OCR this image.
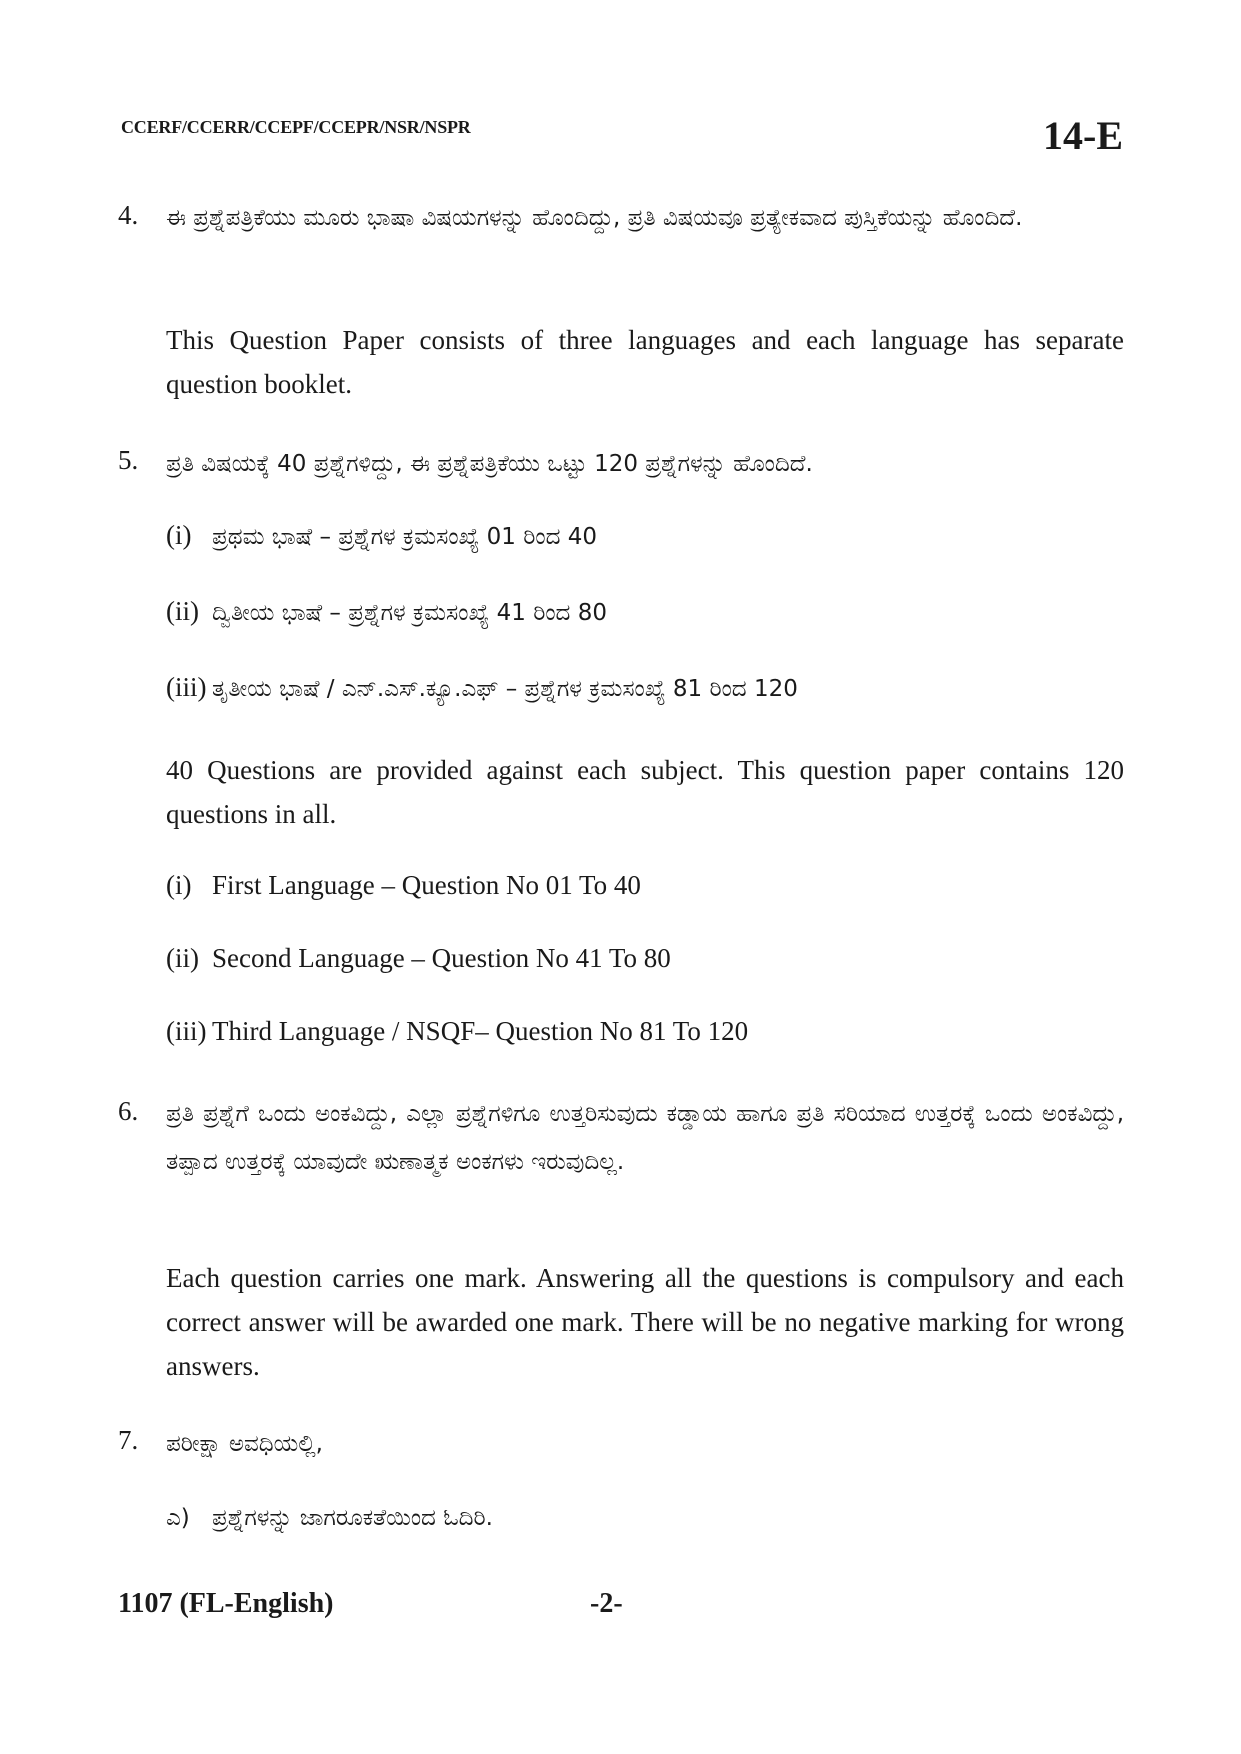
CCERF/CCERR/CCEPF/CCEPR/NSR/NSPR	14-E
4. ಈ ಪ್ರಶ್ನೆಪತ್ರಿಕೆಯು ಮೂರು ಭಾಷಾ ವಿಷಯಗಳನ್ನು ಹೊಂದಿದ್ದು, ಪ್ರತಿ ವಿಷಯವೂ ಪ್ರತ್ಯೇಕವಾದ ಪುಸ್ತಿಕೆಯನ್ನು ಹೊಂದಿದೆ.
This Question Paper consists of three languages and each language has separate question booklet.
5. ಪ್ರತಿ ವಿಷಯಕ್ಕೆ 40 ಪ್ರಶ್ನೆಗಳಿದ್ದು, ಈ ಪ್ರಶ್ನೆಪತ್ರಿಕೆಯು ಒಟ್ಟು 120 ಪ್ರಶ್ನೆಗಳನ್ನು ಹೊಂದಿದೆ.
(i) ಪ್ರಥಮ ಭಾಷೆ – ಪ್ರಶ್ನೆಗಳ ಕ್ರಮಸಂಖ್ಯೆ 01 ರಿಂದ 40
(ii) ದ್ವಿತೀಯ ಭಾಷೆ – ಪ್ರಶ್ನೆಗಳ ಕ್ರಮಸಂಖ್ಯೆ 41 ರಿಂದ 80
(iii) ತೃತೀಯ ಭಾಷೆ / ಎನ್.ಎಸ್.ಕ್ಯೂ.ಎಫ್ – ಪ್ರಶ್ನೆಗಳ ಕ್ರಮಸಂಖ್ಯೆ 81 ರಿಂದ 120
40 Questions are provided against each subject. This question paper contains 120 questions in all.
(i) First Language – Question No 01 To 40
(ii) Second Language – Question No 41 To 80
(iii) Third Language / NSQF– Question No 81 To 120
6. ಪ್ರತಿ ಪ್ರಶ್ನೆಗೆ ಒಂದು ಅಂಕವಿದ್ದು, ಎಲ್ಲಾ ಪ್ರಶ್ನೆಗಳಿಗೂ ಉತ್ತರಿಸುವುದು ಕಡ್ಡಾಯ ಹಾಗೂ ಪ್ರತಿ ಸರಿಯಾದ ಉತ್ತರಕ್ಕೆ ಒಂದು ಅಂಕವಿದ್ದು, ತಪ್ಪಾದ ಉತ್ತರಕ್ಕೆ ಯಾವುದೇ ಋಣಾತ್ಮಕ ಅಂಕಗಳು ಇರುವುದಿಲ್ಲ.
Each question carries one mark. Answering all the questions is compulsory and each correct answer will be awarded one mark. There will be no negative marking for wrong answers.
7. ಪರೀಕ್ಷಾ ಅವಧಿಯಲ್ಲಿ,
ಎ) ಪ್ರಶ್ನೆಗಳನ್ನು ಜಾಗರೂಕತೆಯಿಂದ ಓದಿರಿ.
1107 (FL-English)	-2-
